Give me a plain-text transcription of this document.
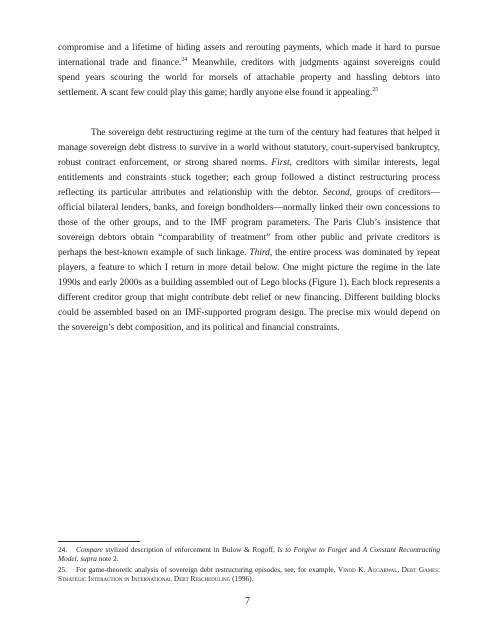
compromise and a lifetime of hiding assets and rerouting payments, which made it hard to pursue international trade and finance.$^{24}$ Meanwhile, creditors with judgments against sovereigns could spend years scouring the world for morsels of attachable property and hassling debtors into settlement. A scant few could play this game; hardly anyone else found it appealing.$^{25}$

The sovereign debt restructuring regime at the turn of the century had features that helped it manage sovereign debt distress to survive in a world without statutory, court-supervised bankruptcy, robust contract enforcement, or strong shared norms. First, creditors with similar interests, legal entitlements and constraints stuck together; each group followed a distinct restructuring process reflecting its particular attributes and relationship with the debtor. Second, groups of creditors—official bilateral lenders, banks, and foreign bondholders—normally linked their own concessions to those of the other groups, and to the IMF program parameters. The Paris Club’s insistence that sovereign debtors obtain “comparability of treatment” from other public and private creditors is perhaps the best-known example of such linkage. Third, the entire process was dominated by repeat players, a feature to which I return in more detail below. One might picture the regime in the late 1990s and early 2000s as a building assembled out of Lego blocks (Figure 1). Each block represents a different creditor group that might contribute debt relief or new financing. Different building blocks could be assembled based on an IMF-supported program design. The precise mix would depend on the sovereign’s debt composition, and its political and financial constraints.

24. Compare stylized description of enforcement in Bulow & Rogoff, Is to Forgive to Forget and A Constant Recontracting Model, supra note 2.

25. For game-theoretic analysis of sovereign debt restructuring episodes, see, for example, Vinod K. Aggarwal, Debt Games: Strategic Interaction in International Debt Rescheduling (1996).

7
